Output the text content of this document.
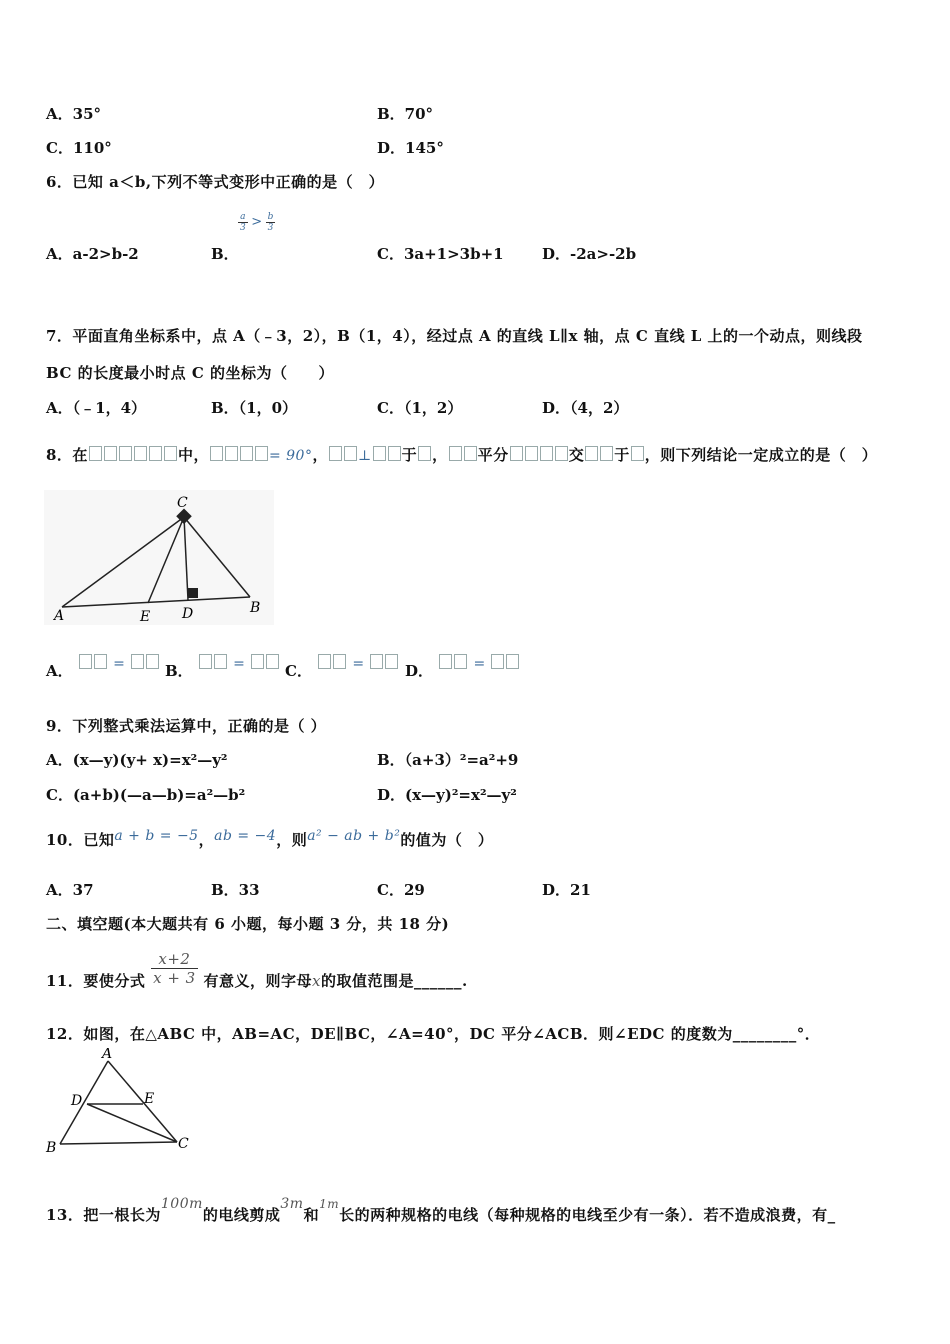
A．35°	B．70°
C．110°	D．145°
6．已知 a＜b,下列不等式变形中正确的是（　）
$\frac{a}{3} > \frac{b}{3}$
A．a-2>b-2	B．	C．3a+1>3b+1	D．-2a>-2b
7．平面直角坐标系中，点 A（﹣3，2），B（1，4），经过点 A 的直线 L∥x 轴，点 C 直线 L 上的一个动点，则线段
BC 的长度最小时点 C 的坐标为（　　）
A．（﹣1，4）	B．（1，0）	C．（1，2）	D．（4，2）
8．在	中，	= 90°， ⊥ 于 ， 平分	交 于 ，则下列结论一定成立的是（　）
C
A	E D	B
A．	=	B．	=	C．	=	D．	=
9．下列整式乘法运算中，正确的是（ ）
A．(x—y)(y+ x)=x²—y²	B．（a+3）²=a²+9
C．(a+b)(—a—b)=a²—b²	D．(x—y)²=x²—y²
10．已知a + b = −5，ab = −4，则a² − ab + b²的值为（　）
A．37	B．33	C．29	D．21
二、填空题(本大题共有 6 小题，每小题 3 分，共 18 分)
11．要使分式 $\frac{x+2}{x + 3}$ 有意义，则字母x的取值范围是______.
12．如图，在△ABC 中，AB=AC，DE∥BC，∠A=40°，DC 平分∠ACB．则∠EDC 的度数为________°．
A
D	E
B	C
13．把一根长为100m的电线剪成3m和$^{1m}$长的两种规格的电线（每种规格的电线至少有一条）．若不造成浪费，有_
